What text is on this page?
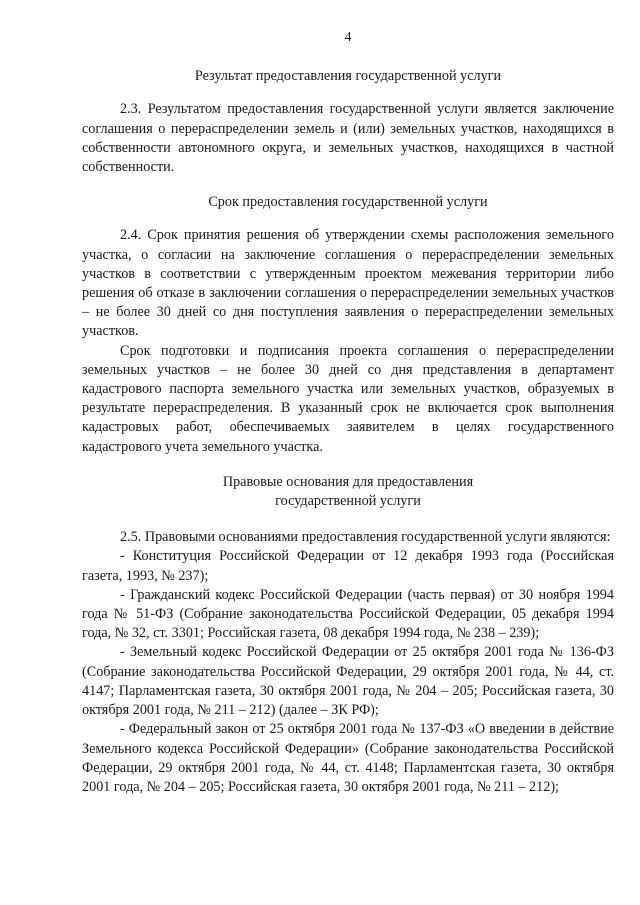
4
Результат предоставления государственной услуги

2.3. Результатом предоставления государственной услуги является заключение соглашения о перераспределении земель и (или) земельных участков, находящихся в собственности автономного округа, и земельных участков, находящихся в частной собственности.

Срок предоставления государственной услуги

2.4. Срок принятия решения об утверждении схемы расположения земельного участка, о согласии на заключение соглашения о перераспределении земельных участков в соответствии с утвержденным проектом межевания территории либо решения об отказе в заключении соглашения о перераспределении земельных участков – не более 30 дней со дня поступления заявления о перераспределении земельных участков.

Срок подготовки и подписания проекта соглашения о перераспределении земельных участков – не более 30 дней со дня представления в департамент кадастрового паспорта земельного участка или земельных участков, образуемых в результате перераспределения. В указанный срок не включается срок выполнения кадастровых работ, обеспечиваемых заявителем в целях государственного кадастрового учета земельного участка.

Правовые основания для предоставления
государственной услуги

2.5. Правовыми основаниями предоставления государственной услуги являются:

- Конституция Российской Федерации от 12 декабря 1993 года (Российская газета, 1993, № 237);

- Гражданский кодекс Российской Федерации (часть первая) от 30 ноября 1994 года № 51-ФЗ (Собрание законодательства Российской Федерации, 05 декабря 1994 года, № 32, ст. 3301; Российская газета, 08 декабря 1994 года, № 238 – 239);

- Земельный кодекс Российской Федерации от 25 октября 2001 года № 136-ФЗ (Собрание законодательства Российской Федерации, 29 октября 2001 года, № 44, ст. 4147; Парламентская газета, 30 октября 2001 года, № 204 – 205; Российская газета, 30 октября 2001 года, № 211 – 212) (далее – ЗК РФ);

- Федеральный закон от 25 октября 2001 года № 137-ФЗ «О введении в действие Земельного кодекса Российской Федерации» (Собрание законодательства Российской Федерации, 29 октября 2001 года, № 44, ст. 4148; Парламентская газета, 30 октября 2001 года, № 204 – 205; Российская газета, 30 октября 2001 года, № 211 – 212);
